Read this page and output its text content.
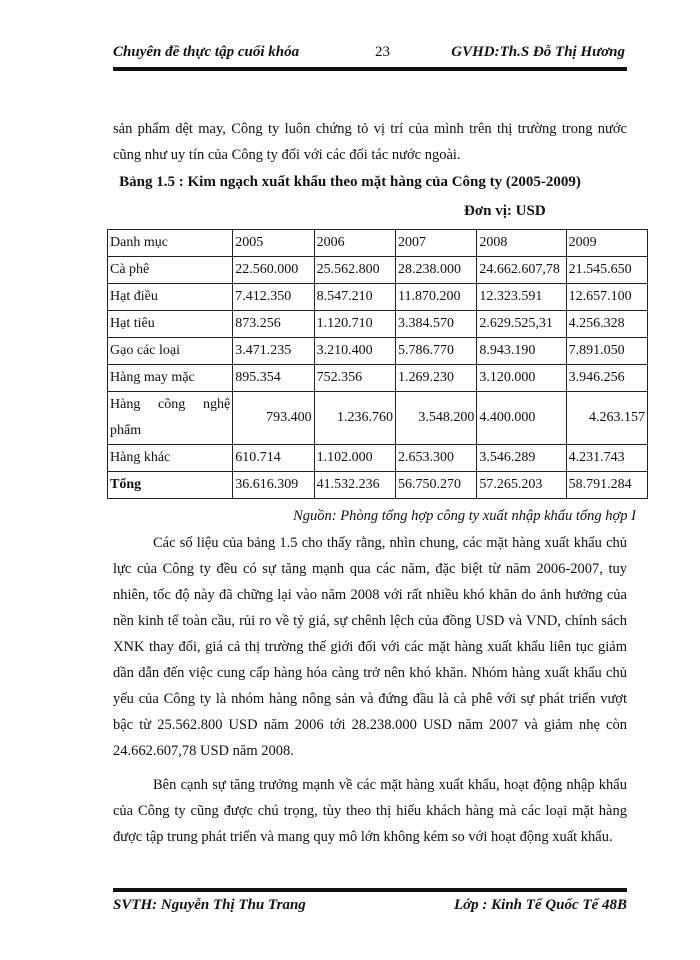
Chuyên đề thực tập cuối khóa	23	GVHD:Th.S Đỗ Thị Hương

sản phẩm dệt may, Công ty luôn chứng tỏ vị trí của mình trên thị trường trong nước cũng như uy tín của Công ty đối với các đối tác nước ngoài.

Bảng 1.5 : Kim ngạch xuất khẩu theo mặt hàng của Công ty (2005-2009)
Đơn vị: USD
Danh mục	2005	2006	2007	2008	2009
Cà phê	22.560.000	25.562.800	28.238.000	24.662.607,78	21.545.650
Hạt điều	7.412.350	8.547.210	11.870.200	12.323.591	12.657.100
Hạt tiêu	873.256	1.120.710	3.384.570	2.629.525,31	4.256.328
Gạo các loại	3.471.235	3.210.400	5.786.770	8.943.190	7.891.050
Hàng may mặc	895.354	752.356	1.269.230	3.120.000	3.946.256
Hàng công nghệ phẩm	793.400	1.236.760	3.548.200	4.400.000	4.263.157
Hàng khác	610.714	1.102.000	2.653.300	3.546.289	4.231.743
Tổng	36.616.309	41.532.236	56.750.270	57.265.203	58.791.284
Nguồn: Phòng tổng hợp công ty xuất nhập khẩu tổng hợp I

Các số liệu của bảng 1.5 cho thấy rằng, nhìn chung, các mặt hàng xuất khẩu chủ lực của Công ty đều có sự tăng mạnh qua các năm, đặc biệt từ năm 2006-2007, tuy nhiên, tốc độ này đã chững lại vào năm 2008 với rất nhiều khó khăn do ảnh hưởng của nền kinh tế toàn cầu, rủi ro về tỷ giá, sự chênh lệch của đồng USD và VND, chính sách XNK thay đổi, giá cả thị trường thế giới đối với các mặt hàng xuất khẩu liên tục giảm dần dẫn đến việc cung cấp hàng hóa càng trở nên khó khăn. Nhóm hàng xuất khẩu chủ yếu của Công ty là nhóm hàng nông sản và đứng đầu là cà phê với sự phát triển vượt bậc từ 25.562.800 USD năm 2006 tới 28.238.000 USD năm 2007 và giảm nhẹ còn 24.662.607,78 USD năm 2008.

Bên cạnh sự tăng trưởng mạnh về các mặt hàng xuất khẩu, hoạt động nhập khẩu của Công ty cũng được chú trọng, tùy theo thị hiếu khách hàng mà các loại mặt hàng được tập trung phát triển và mang quy mô lớn không kém so với hoạt động xuất khẩu.

SVTH: Nguyễn Thị Thu Trang	Lớp : Kinh Tế Quốc Tế 48B
